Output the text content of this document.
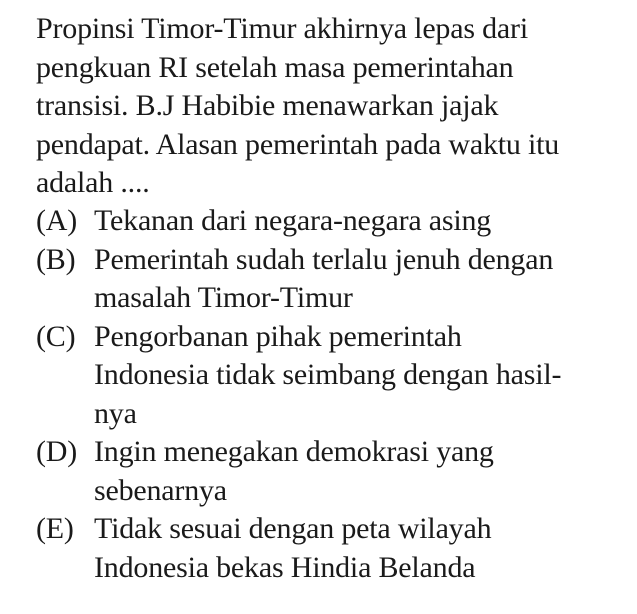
Propinsi Timor-Timur akhirnya lepas dari
pengkuan RI setelah masa pemerintahan
transisi. B.J Habibie menawarkan jajak
pendapat. Alasan pemerintah pada waktu itu
adalah ....
(A) Tekanan dari negara-negara asing
(B) Pemerintah sudah terlalu jenuh dengan
masalah Timor-Timur
(C) Pengorbanan pihak pemerintah
Indonesia tidak seimbang dengan hasil-
nya
(D) Ingin menegakan demokrasi yang
sebenarnya
(E) Tidak sesuai dengan peta wilayah
Indonesia bekas Hindia Belanda
